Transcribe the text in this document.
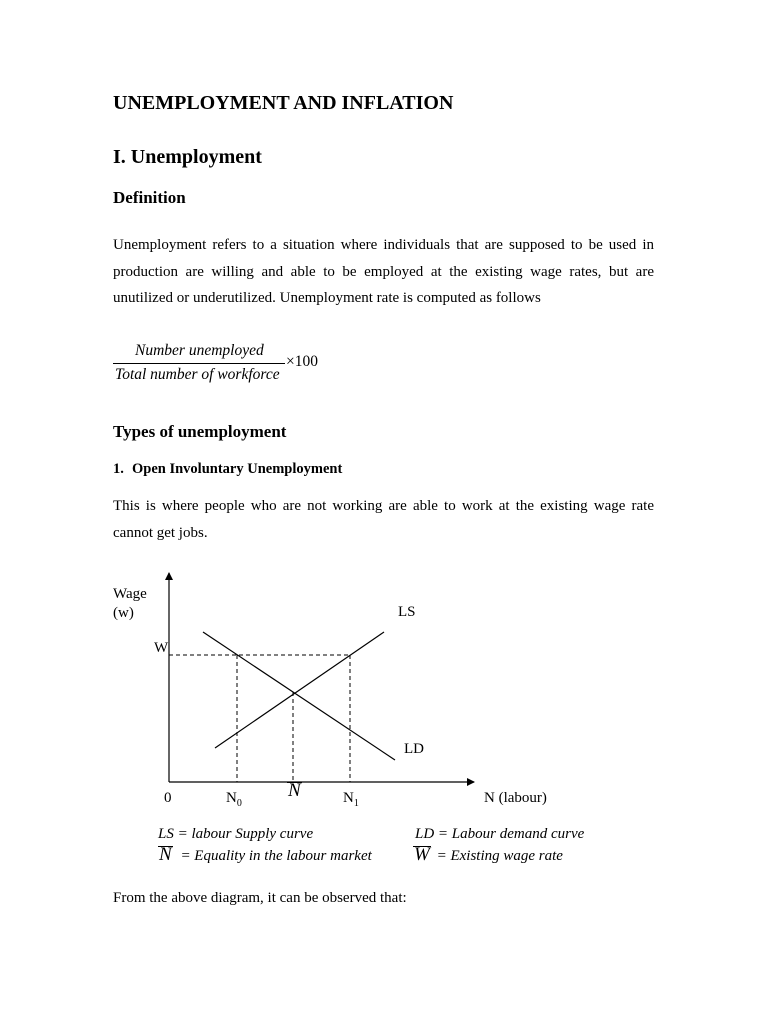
UNEMPLOYMENT AND INFLATION
I. Unemployment
Definition
Unemployment refers to a situation where individuals that are supposed to be used in production are willing and able to be employed at the existing wage rates, but are unutilized or underutilized. Unemployment rate is computed as follows
Number unemployed
Total number of workforce
×100
Types of unemployment
1. Open Involuntary Unemployment
This is where people who are not working are able to work at the existing wage rate cannot get jobs.
Wage
(w)
W
LS
LD
0	$N_0$
N	$N_1$	N (labour)
LS = labour Supply curve	LD = Labour demand curve
N = Equality in the labour market W = Existing wage rate
From the above diagram, it can be observed that:
